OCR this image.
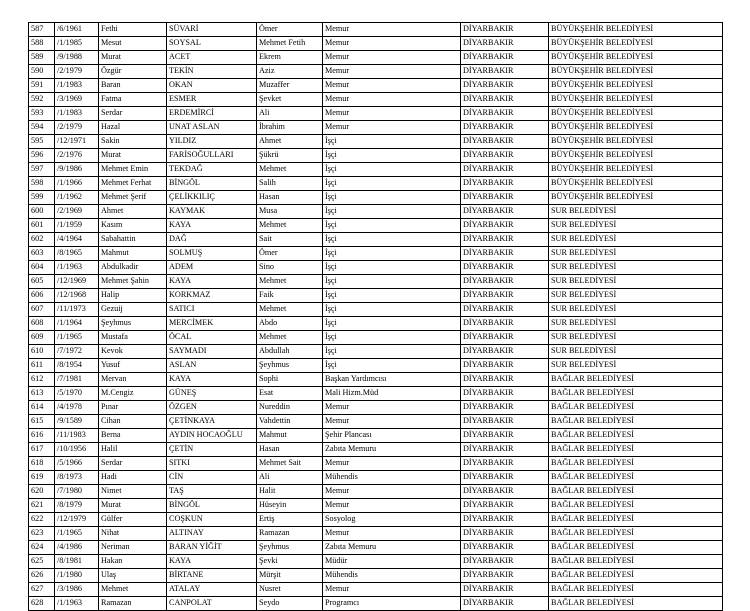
587	/6/1961	Fethi	SÜVARİ	Ömer	Memur	DİYARBAKIR	BÜYÜKŞEHİR BELEDİYESİ
588	/1/1985	Mesut	SOYSAL	Mehmet Fetih	Memur	DİYARBAKIR	BÜYÜKŞEHİR BELEDİYESİ
589	/9/1988	Murat	ACET	Ekrem	Memur	DİYARBAKIR	BÜYÜKŞEHİR BELEDİYESİ
590	/2/1979	Özgür	TEKİN	Aziz	Memur	DİYARBAKIR	BÜYÜKŞEHİR BELEDİYESİ
591	/1/1983	Baran	OKAN	Muzaffer	Memur	DİYARBAKIR	BÜYÜKŞEHİR BELEDİYESİ
592	/3/1969	Fatma	ESMER	Şevket	Memur	DİYARBAKIR	BÜYÜKŞEHİR BELEDİYESİ
593	/1/1983	Serdar	ERDEMİRCİ	Ali	Memur	DİYARBAKIR	BÜYÜKŞEHİR BELEDİYESİ
594	/2/1979	Hazal	UNAT ASLAN	İbrahim	Memur	DİYARBAKIR	BÜYÜKŞEHİR BELEDİYESİ
595	/12/1971	Sakin	YILDIZ	Ahmet	İşçi	DİYARBAKIR	BÜYÜKŞEHİR BELEDİYESİ
596	/2/1976	Murat	FARİSOĞULLARI	Şükrü	İşçi	DİYARBAKIR	BÜYÜKŞEHİR BELEDİYESİ
597	/9/1986	Mehmet Emin	TEKDAĞ	Mehmet	İşçi	DİYARBAKIR	BÜYÜKŞEHİR BELEDİYESİ
598	/1/1966	Mehmet Ferhat	BİNGÖL	Salih	İşçi	DİYARBAKIR	BÜYÜKŞEHİR BELEDİYESİ
599	/1/1962	Mehmet Şerif	ÇELİKKILIÇ	Hasan	İşçi	DİYARBAKIR	BÜYÜKŞEHİR BELEDİYESİ
600	/2/1969	Ahmet	KAYMAK	Musa	İşçi	DİYARBAKIR	SUR BELEDİYESİ
601	/1/1959	Kasım	KAYA	Mehmet	İşçi	DİYARBAKIR	SUR BELEDİYESİ
602	/4/1964	Sabahattin	DAĞ	Sait	İşçi	DİYARBAKIR	SUR BELEDİYESİ
603	/8/1965	Mahmut	SOLMUŞ	Ömer	İşçi	DİYARBAKIR	SUR BELEDİYESİ
604	/1/1963	Abdulkadir	ADEM	Sino	İşçi	DİYARBAKIR	SUR BELEDİYESİ
605	/12/1969	Mehmet Şahin	KAYA	Mehmet	İşçi	DİYARBAKIR	SUR BELEDİYESİ
606	/12/1968	Halip	KORKMAZ	Faik	İşçi	DİYARBAKIR	SUR BELEDİYESİ
607	/11/1973	Gezuij	SATICI	Mehmet	İşçi	DİYARBAKIR	SUR BELEDİYESİ
608	/1/1964	Şeyhmus	MERCİMEK	Abdo	İşçi	DİYARBAKIR	SUR BELEDİYESİ
609	/1/1965	Mustafa	ÖCAL	Mehmet	İşçi	DİYARBAKIR	SUR BELEDİYESİ
610	/7/1972	Kevok	SAYMADI	Abdullah	İşçi	DİYARBAKIR	SUR BELEDİYESİ
611	/8/1954	Yusuf	ASLAN	Şeyhmus	İşçi	DİYARBAKIR	SUR BELEDİYESİ
612	/7/1981	Mervan	KAYA	Sophi	Başkan Yardımcısı	DİYARBAKIR	BAĞLAR BELEDİYESİ
613	/5/1970	M.Cengiz	GÜNEŞ	Esat	Mali Hizm.Müd	DİYARBAKIR	BAĞLAR BELEDİYESİ
614	/4/1978	Pınar	ÖZGEN	Nureddin	Memur	DİYARBAKIR	BAĞLAR BELEDİYESİ
615	/9/1589	Cihan	ÇETİNKAYA	Vahdettin	Memur	DİYARBAKIR	BAĞLAR BELEDİYESİ
616	/11/1983	Berna	AYDIN HOCAOĞLU	Mahmut	Şehir Plancası	DİYARBAKIR	BAĞLAR BELEDİYESİ
617	/10/1956	Halil	ÇETİN	Hasan	Zabıta Memuru	DİYARBAKIR	BAĞLAR BELEDİYESİ
618	/5/1966	Serdar	SITKI	Mehmet Sait	Memur	DİYARBAKIR	BAĞLAR BELEDİYESİ
619	/8/1973	Hadi	CİN	Ali	Mühendis	DİYARBAKIR	BAĞLAR BELEDİYESİ
620	/7/1980	Nimet	TAŞ	Halit	Memur	DİYARBAKIR	BAĞLAR BELEDİYESİ
621	/8/1979	Murat	BİNGÖL	Hüseyin	Memur	DİYARBAKIR	BAĞLAR BELEDİYESİ
622	/12/1979	Gülfer	COŞKUN	Ertiş	Sosyolog	DİYARBAKIR	BAĞLAR BELEDİYESİ
623	/1/1965	Nihat	ALTINAY	Ramazan	Memur	DİYARBAKIR	BAĞLAR BELEDİYESİ
624	/4/1986	Neriman	BARAN YİĞİT	Şeyhmus	Zabıta Memuru	DİYARBAKIR	BAĞLAR BELEDİYESİ
625	/8/1981	Hakan	KAYA	Şevki	Müdür	DİYARBAKIR	BAĞLAR BELEDİYESİ
626	/1/1980	Ulaş	BİRTANE	Mürşit	Mühendis	DİYARBAKIR	BAĞLAR BELEDİYESİ
627	/3/1986	Mehmet	ATALAY	Nusret	Memur	DİYARBAKIR	BAĞLAR BELEDİYESİ
628	/1/1963	Ramazan	CANPOLAT	Seydo	Programcı	DİYARBAKIR	BAĞLAR BELEDİYESİ
